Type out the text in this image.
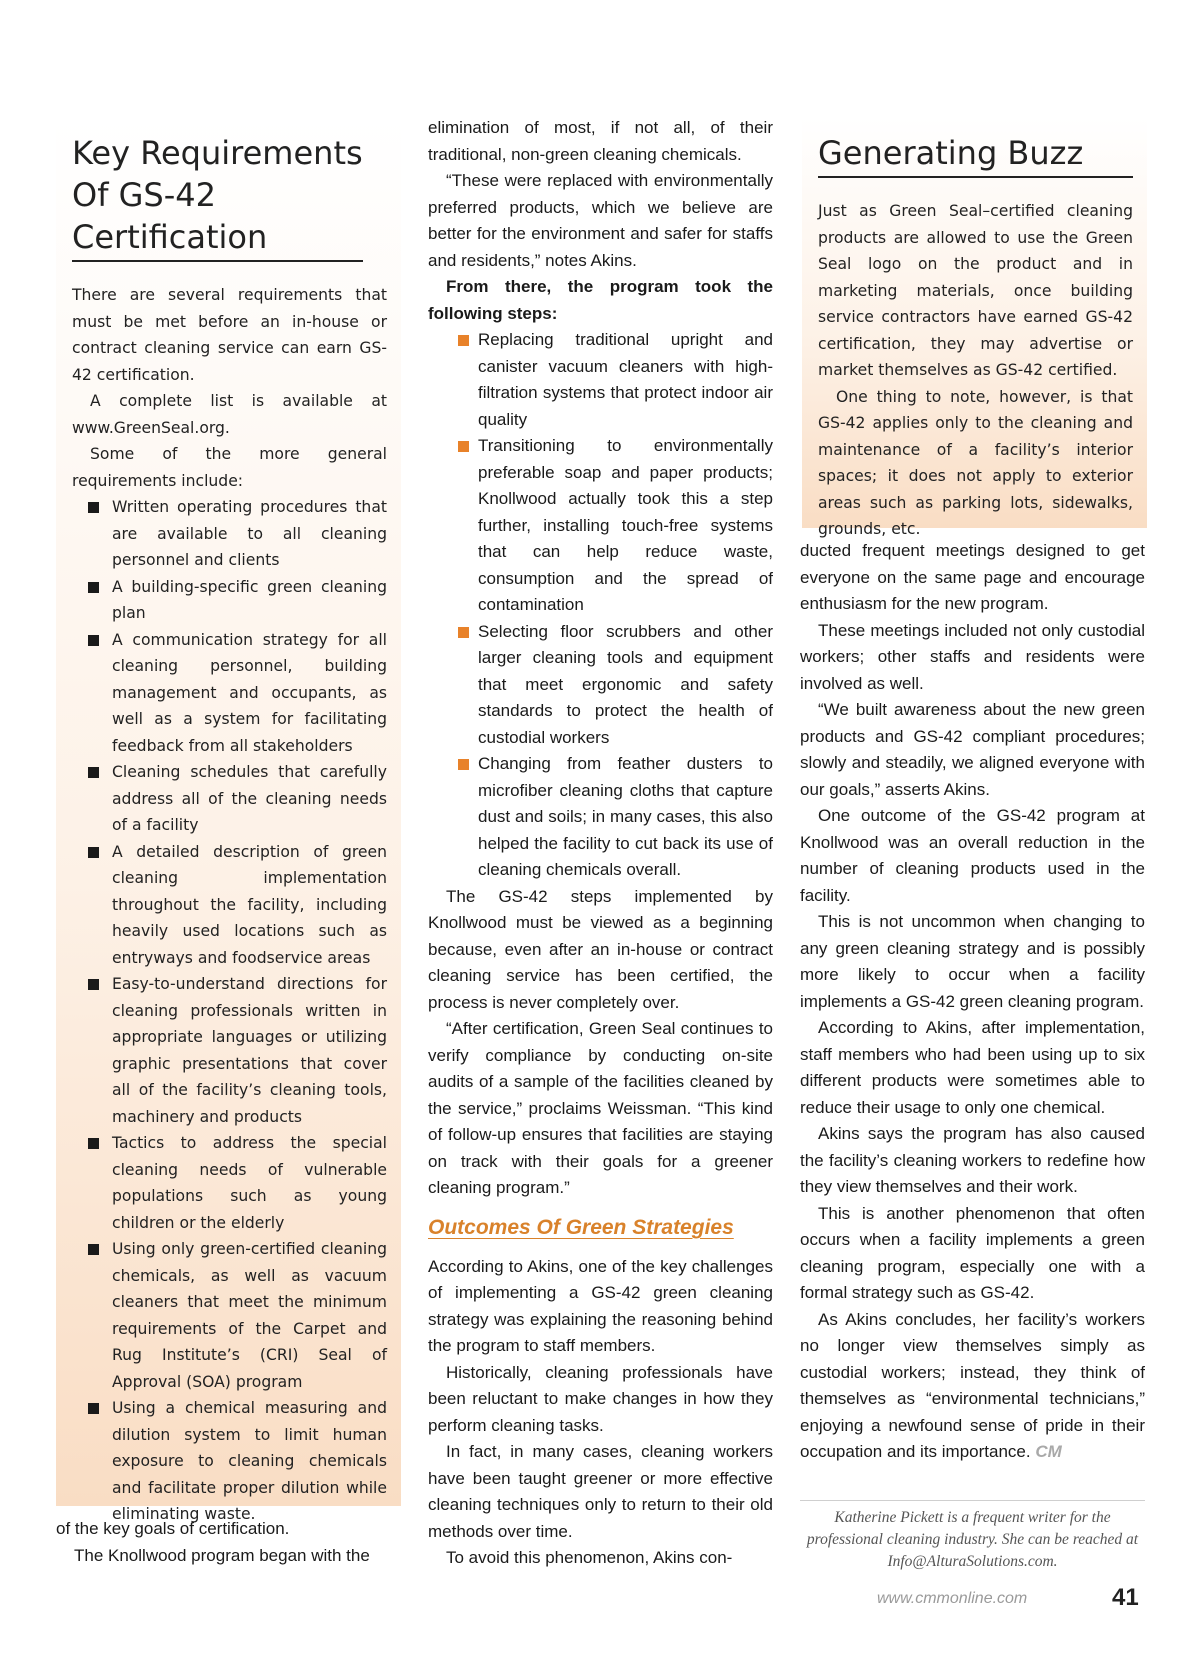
Key Requirements
Of GS-42
Certification

There are several requirements that must be met before an in-house or contract cleaning service can earn GS-42 certification.

A complete list is available at www.GreenSeal.org.

Some of the more general requirements include:

Written operating procedures that are available to all cleaning personnel and clients
A building-specific green cleaning plan
A communication strategy for all cleaning personnel, building management and occupants, as well as a system for facilitating feedback from all stakeholders
Cleaning schedules that carefully address all of the cleaning needs of a facility
A detailed description of green cleaning implementation throughout the facility, including heavily used locations such as entryways and foodservice areas
Easy-to-understand directions for cleaning professionals written in appropriate languages or utilizing graphic presentations that cover all of the facility’s cleaning tools, machinery and products
Tactics to address the special cleaning needs of vulnerable populations such as young children or the elderly
Using only green-certified cleaning chemicals, as well as vacuum cleaners that meet the minimum requirements of the Carpet and Rug Institute’s (CRI) Seal of Approval (SOA) program
Using a chemical measuring and dilution system to limit human exposure to cleaning chemicals and facilitate proper dilution while eliminating waste.

of the key goals of certification.

The Knollwood program began with the

elimination of most, if not all, of their traditional, non-green cleaning chemicals.

“These were replaced with environmentally preferred products, which we believe are better for the environment and safer for staffs and residents,” notes Akins.

From there, the program took the following steps:

Replacing traditional upright and canister vacuum cleaners with high-filtration systems that protect indoor air quality
Transitioning to environmentally preferable soap and paper products; Knollwood actually took this a step further, installing touch-free systems that can help reduce waste, consumption and the spread of contamination
Selecting floor scrubbers and other larger cleaning tools and equipment that meet ergonomic and safety standards to protect the health of custodial workers
Changing from feather dusters to microfiber cleaning cloths that capture dust and soils; in many cases, this also helped the facility to cut back its use of cleaning chemicals overall.

The GS-42 steps implemented by Knollwood must be viewed as a beginning because, even after an in-house or contract cleaning service has been certified, the process is never completely over.

“After certification, Green Seal continues to verify compliance by conducting on-site audits of a sample of the facilities cleaned by the service,” proclaims Weissman. “This kind of follow-up ensures that facilities are staying on track with their goals for a greener cleaning program.”

Outcomes Of Green Strategies

According to Akins, one of the key challenges of implementing a GS-42 green cleaning strategy was explaining the reasoning behind the program to staff members.

Historically, cleaning professionals have been reluctant to make changes in how they perform cleaning tasks.

In fact, in many cases, cleaning workers have been taught greener or more effective cleaning techniques only to return to their old methods over time.

To avoid this phenomenon, Akins con-

Generating Buzz

Just as Green Seal–certified cleaning products are allowed to use the Green Seal logo on the product and in marketing materials, once building service contractors have earned GS-42 certification, they may advertise or market themselves as GS-42 certified.

One thing to note, however, is that GS-42 applies only to the cleaning and maintenance of a facility’s interior spaces; it does not apply to exterior areas such as parking lots, sidewalks, grounds, etc.

ducted frequent meetings designed to get everyone on the same page and encourage enthusiasm for the new program.

These meetings included not only custodial workers; other staffs and residents were involved as well.

“We built awareness about the new green products and GS-42 compliant procedures; slowly and steadily, we aligned everyone with our goals,” asserts Akins.

One outcome of the GS-42 program at Knollwood was an overall reduction in the number of cleaning products used in the facility.

This is not uncommon when changing to any green cleaning strategy and is possibly more likely to occur when a facility implements a GS-42 green cleaning program.

According to Akins, after implementation, staff members who had been using up to six different products were sometimes able to reduce their usage to only one chemical.

Akins says the program has also caused the facility’s cleaning workers to redefine how they view themselves and their work.

This is another phenomenon that often occurs when a facility implements a green cleaning program, especially one with a formal strategy such as GS-42.

As Akins concludes, her facility’s workers no longer view themselves simply as custodial workers; instead, they think of themselves as “environmental technicians,” enjoying a newfound sense of pride in their occupation and its importance. CM

Katherine Pickett is a frequent writer for the professional cleaning industry. She can be reached at Info@AlturaSolutions.com.
www.cmmonline.com	41
